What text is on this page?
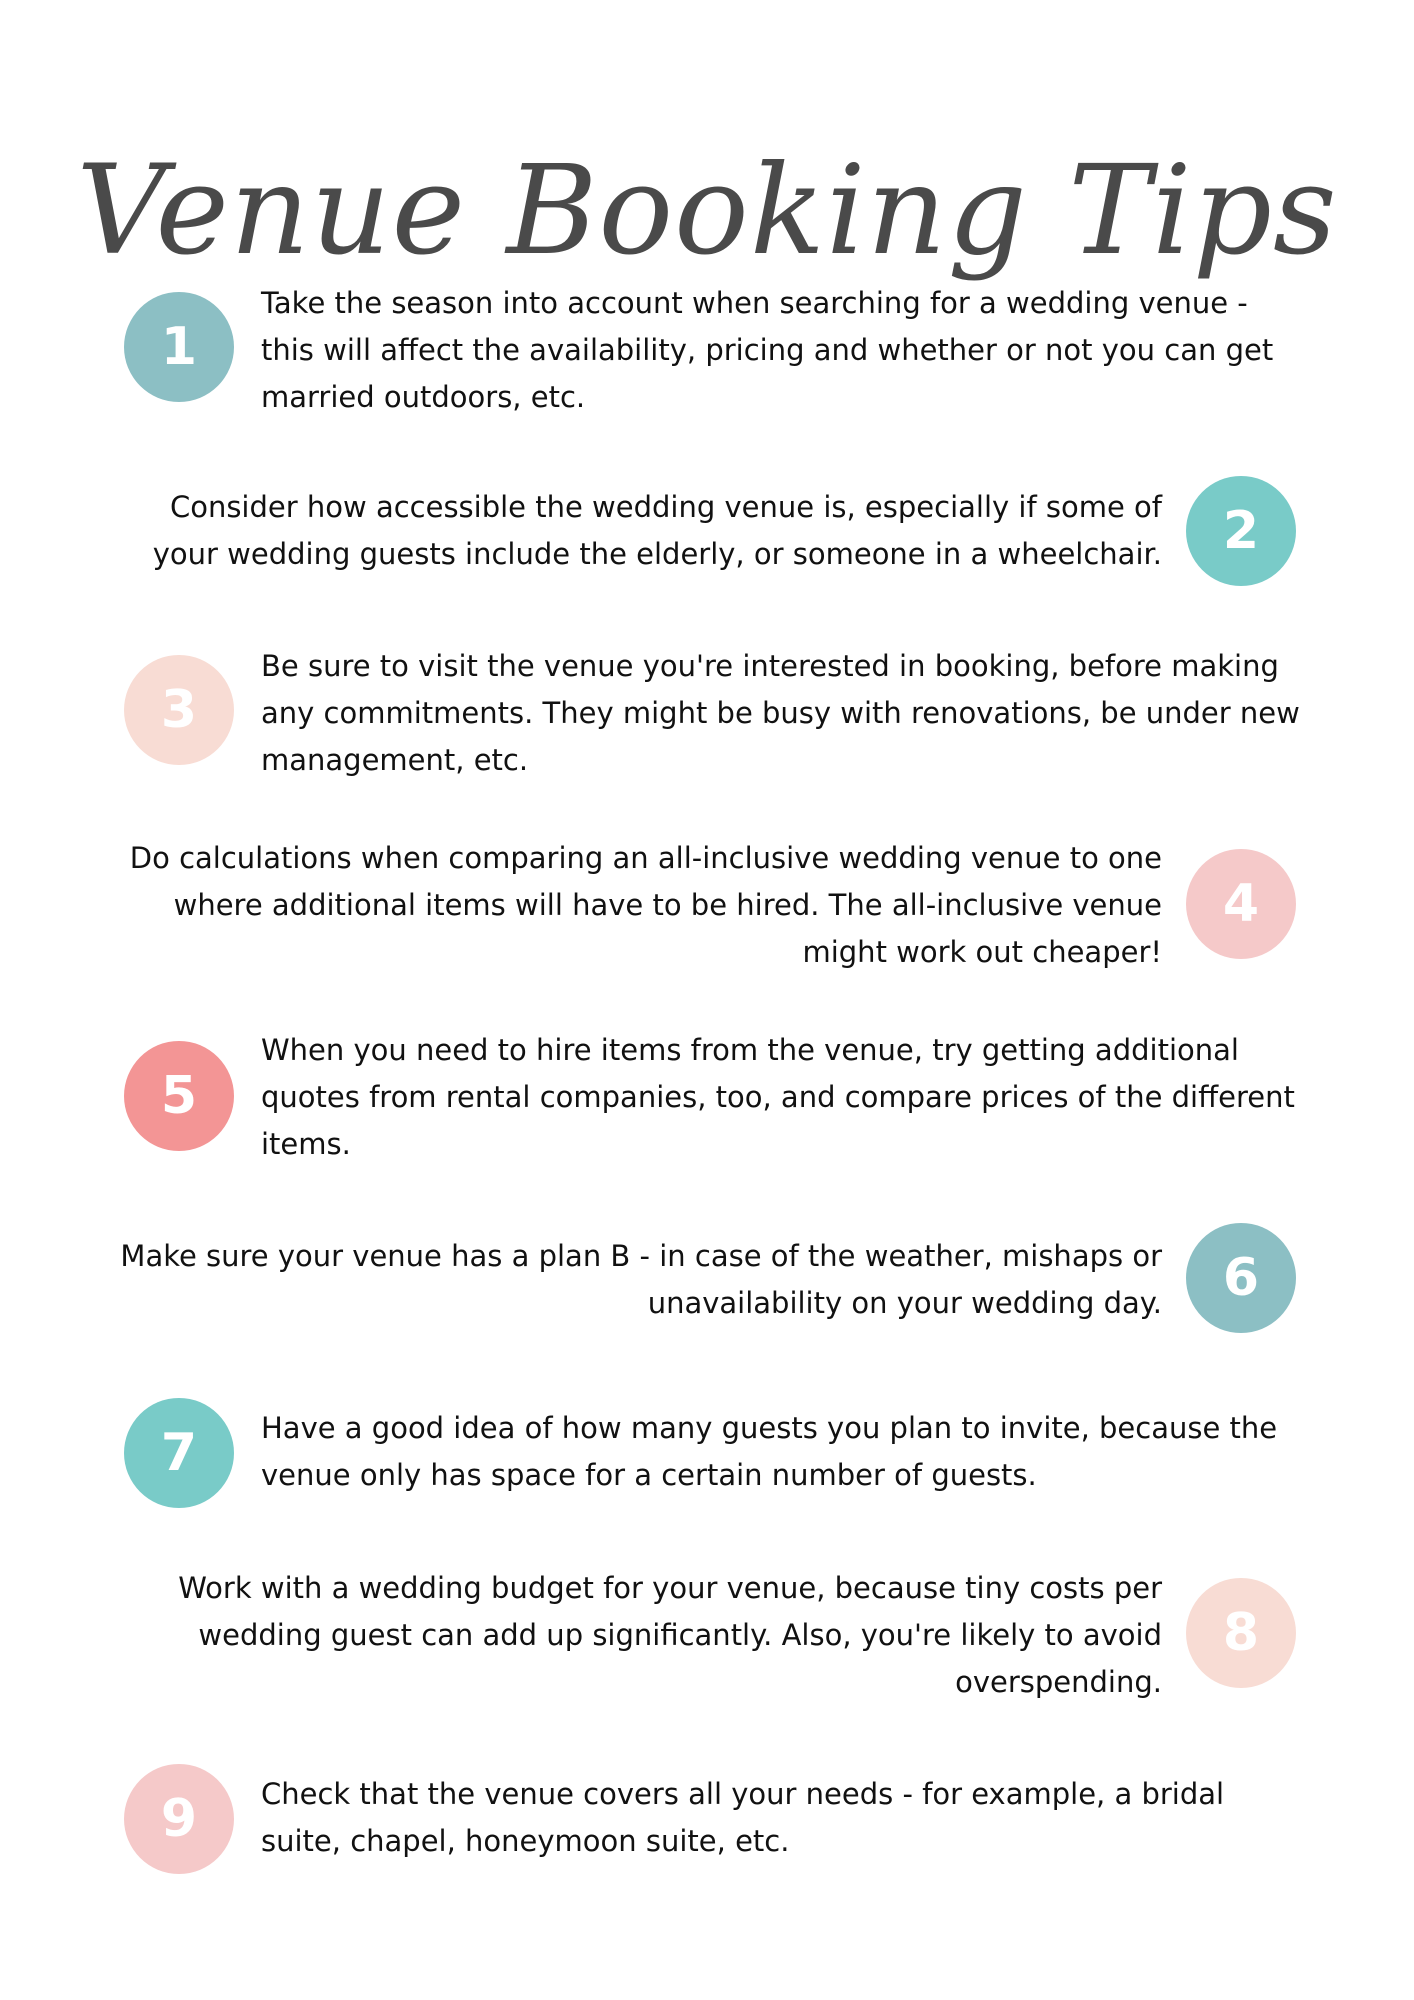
Venue Booking Tips
1

Take the season into account when searching for a wedding venue - this will affect the availability, pricing and whether or not you can get married outdoors, etc.

2

Consider how accessible the wedding venue is, especially if some of your wedding guests include the elderly, or someone in a wheelchair.

3

Be sure to visit the venue you're interested in booking, before making any commitments. They might be busy with renovations, be under new management, etc.

4

Do calculations when comparing an all-inclusive wedding venue to one where additional items will have to be hired. The all-inclusive venue might work out cheaper!

5

When you need to hire items from the venue, try getting additional quotes from rental companies, too, and compare prices of the different items.

6

Make sure your venue has a plan B - in case of the weather, mishaps or unavailability on your wedding day.

7 Have a good idea of how many guests you plan to invite, because the venue only has space for a certain number of guests.

8

Work with a wedding budget for your venue, because tiny costs per wedding guest can add up significantly. Also, you're likely to avoid overspending.

9 Check that the venue covers all your needs - for example, a bridal suite, chapel, honeymoon suite, etc.
